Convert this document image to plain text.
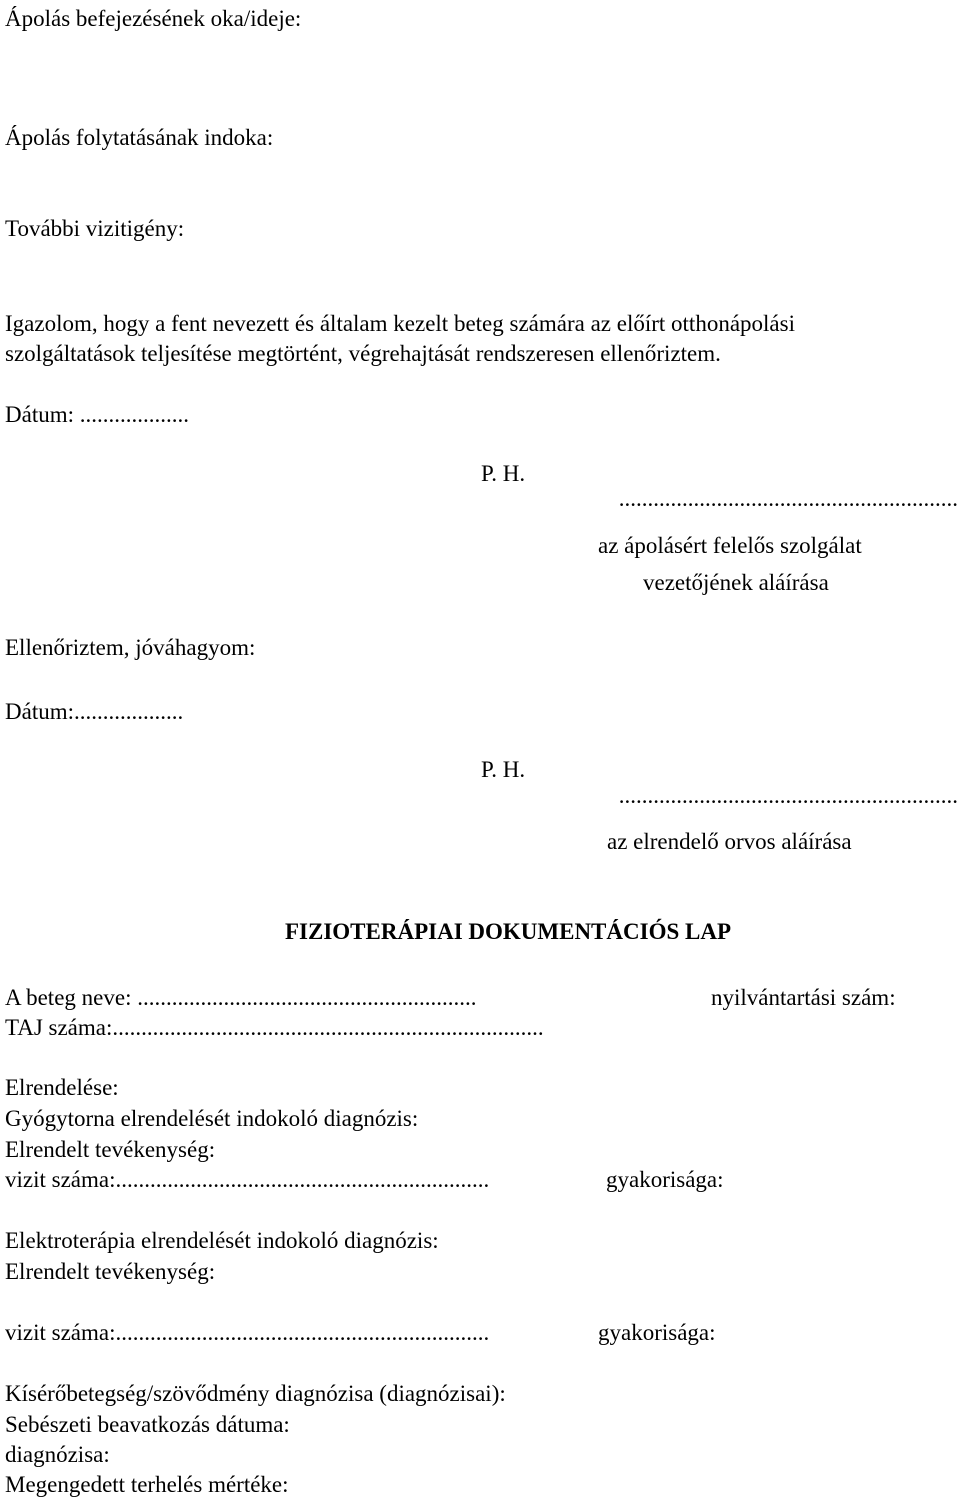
Ápolás befejezésének oka/ideje:
Ápolás folytatásának indoka:
További vizitigény:
Igazolom, hogy a fent nevezett és általam kezelt beteg számára az előírt otthonápolási
szolgáltatások teljesítése megtörtént, végrehajtását rendszeresen ellenőriztem.
Dátum: ...................
P. H.
...........................................................
az ápolásért felelős szolgálat
vezetőjének aláírása
Ellenőriztem, jóváhagyom:
Dátum:...................
P. H.
...........................................................
az elrendelő orvos aláírása
FIZIOTERÁPIAI DOKUMENTÁCIÓS LAP
A beteg neve: ...........................................................	nyilvántartási szám:
TAJ száma:...........................................................................
Elrendelése:
Gyógytorna elrendelését indokoló diagnózis:
Elrendelt tevékenység:
vizit száma:.................................................................	gyakorisága:
Elektroterápia elrendelését indokoló diagnózis:
Elrendelt tevékenység:
vizit száma:.................................................................	gyakorisága:
Kísérőbetegség/szövődmény diagnózisa (diagnózisai):
Sebészeti beavatkozás dátuma:
diagnózisa:
Megengedett terhelés mértéke:
